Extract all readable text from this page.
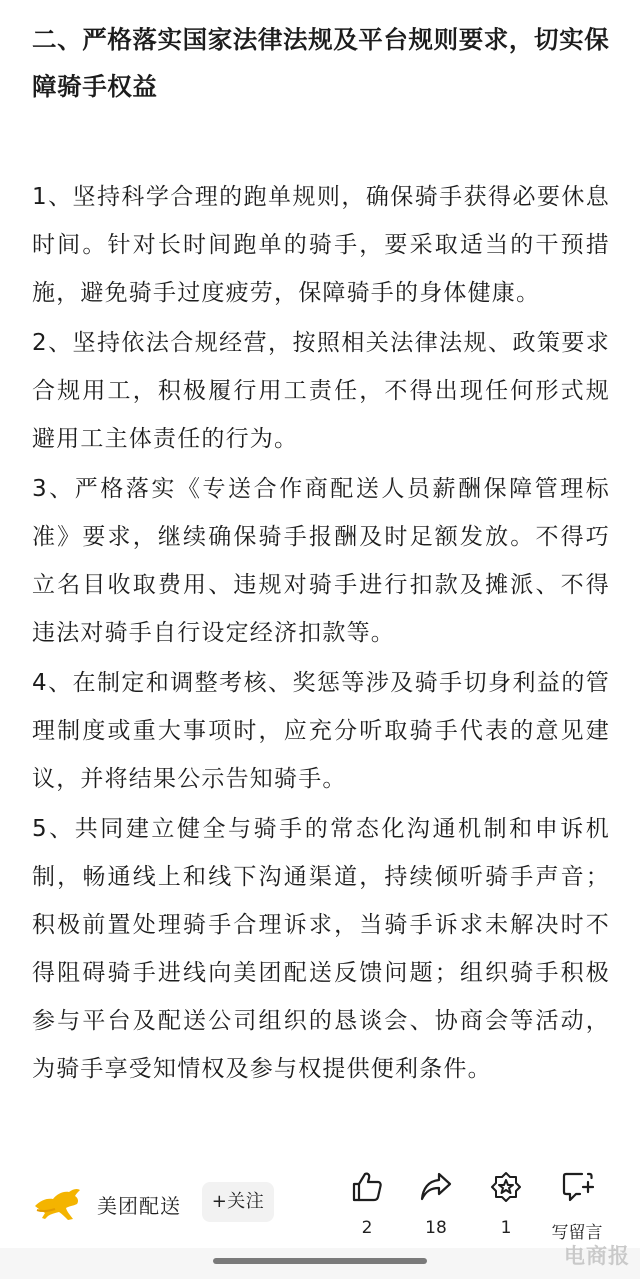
二、严格落实国家法律法规及平台规则要求，切实保障骑手权益

1、坚持科学合理的跑单规则，确保骑手获得必要休息时间。针对长时间跑单的骑手，要采取适当的干预措施，避免骑手过度疲劳，保障骑手的身体健康。

2、坚持依法合规经营，按照相关法律法规、政策要求合规用工，积极履行用工责任，不得出现任何形式规避用工主体责任的行为。

3、严格落实《专送合作商配送人员薪酬保障管理标准》要求，继续确保骑手报酬及时足额发放。不得巧立名目收取费用、违规对骑手进行扣款及摊派、不得违法对骑手自行设定经济扣款等。

4、在制定和调整考核、奖惩等涉及骑手切身利益的管理制度或重大事项时，应充分听取骑手代表的意见建议，并将结果公示告知骑手。

5、共同建立健全与骑手的常态化沟通机制和申诉机制，畅通线上和线下沟通渠道，持续倾听骑手声音；积极前置处理骑手合理诉求，当骑手诉求未解决时不得阻碍骑手进线向美团配送反馈问题；组织骑手积极参与平台及配送公司组织的恳谈会、协商会等活动，为骑手享受知情权及参与权提供便利条件。

美团配送	+关注
2	18	1	写留言
电商报
